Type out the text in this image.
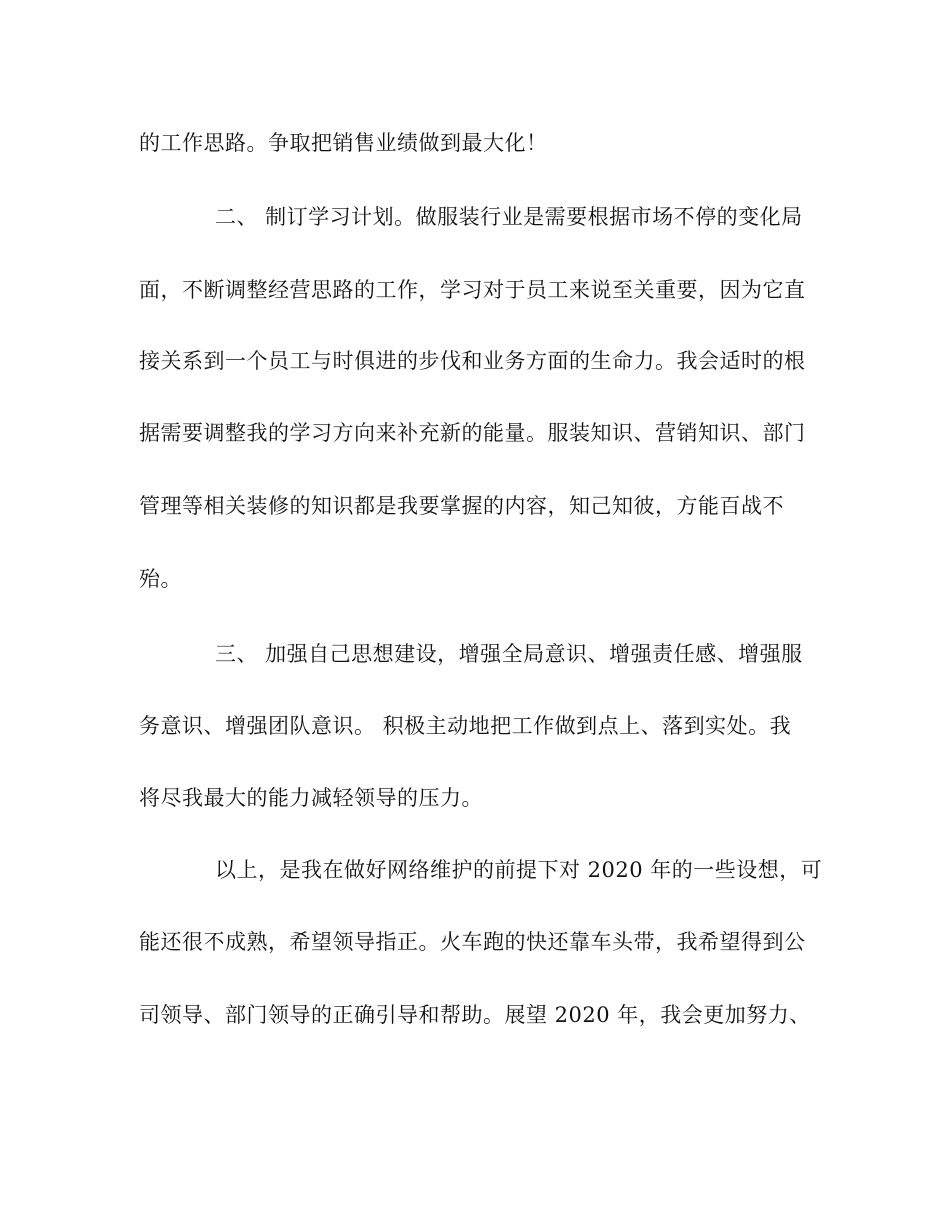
的工作思路。争取把销售业绩做到最大化！
二、 制订学习计划。做服装行业是需要根据市场不停的变化局
面，不断调整经营思路的工作，学习对于员工来说至关重要，因为它直
接关系到一个员工与时俱进的步伐和业务方面的生命力。我会适时的根
据需要调整我的学习方向来补充新的能量。服装知识、营销知识、部门
管理等相关装修的知识都是我要掌握的内容，知己知彼，方能百战不
殆。
三、 加强自己思想建设，增强全局意识、增强责任感、增强服
务意识、增强团队意识。 积极主动地把工作做到点上、落到实处。我
将尽我最大的能力减轻领导的压力。
以上，是我在做好网络维护的前提下对 2020 年的一些设想，可
能还很不成熟，希望领导指正。火车跑的快还靠车头带，我希望得到公
司领导、部门领导的正确引导和帮助。展望 2020 年，我会更加努力、
